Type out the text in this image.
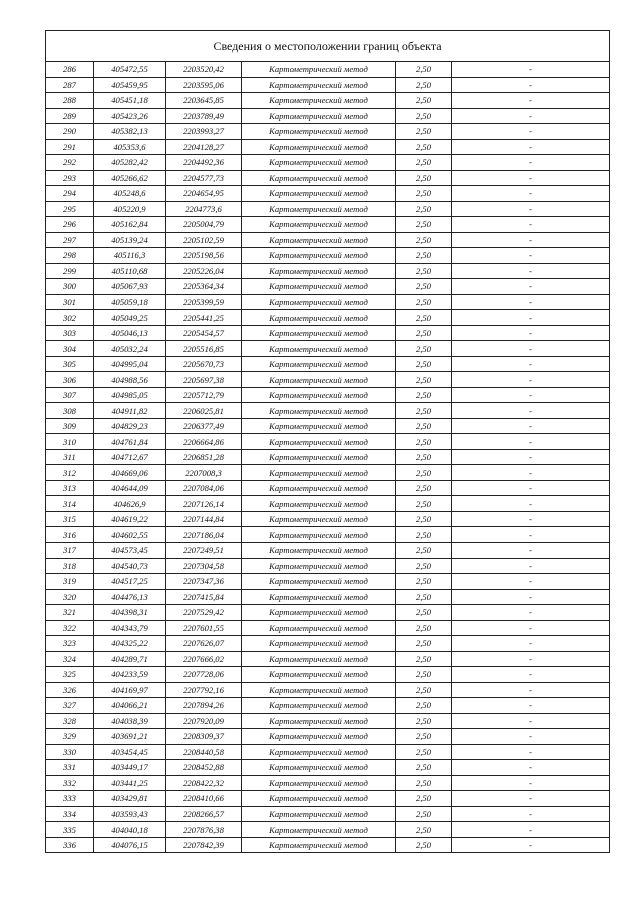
Сведения о местоположении границ объекта					
286	405472,55	2203520,42	Картометрический метод	2,50	-
287	405459,95	2203595,06	Картометрический метод	2,50	-
288	405451,18	2203645,85	Картометрический метод	2,50	-
289	405423,26	2203789,49	Картометрический метод	2,50	-
290	405382,13	2203993,27	Картометрический метод	2,50	-
291	405353,6	2204128,27	Картометрический метод	2,50	-
292	405282,42	2204492,36	Картометрический метод	2,50	-
293	405266,62	2204577,73	Картометрический метод	2,50	-
294	405248,6	2204654,95	Картометрический метод	2,50	-
295	405220,9	2204773,6	Картометрический метод	2,50	-
296	405162,84	2205004,79	Картометрический метод	2,50	-
297	405139,24	2205102,59	Картометрический метод	2,50	-
298	405116,3	2205198,56	Картометрический метод	2,50	-
299	405110,68	2205226,04	Картометрический метод	2,50	-
300	405067,93	2205364,34	Картометрический метод	2,50	-
301	405059,18	2205399,59	Картометрический метод	2,50	-
302	405049,25	2205441,25	Картометрический метод	2,50	-
303	405046,13	2205454,57	Картометрический метод	2,50	-
304	405032,24	2205516,85	Картометрический метод	2,50	-
305	404995,04	2205670,73	Картометрический метод	2,50	-
306	404988,56	2205697,38	Картометрический метод	2,50	-
307	404985,05	2205712,79	Картометрический метод	2,50	-
308	404911,82	2206025,81	Картометрический метод	2,50	-
309	404829,23	2206377,49	Картометрический метод	2,50	-
310	404761,84	2206664,86	Картометрический метод	2,50	-
311	404712,67	2206851,28	Картометрический метод	2,50	-
312	404669,06	2207008,3	Картометрический метод	2,50	-
313	404644,09	2207084,06	Картометрический метод	2,50	-
314	404626,9	2207126,14	Картометрический метод	2,50	-
315	404619,22	2207144,84	Картометрический метод	2,50	-
316	404602,55	2207186,04	Картометрический метод	2,50	-
317	404573,45	2207249,51	Картометрический метод	2,50	-
318	404540,73	2207304,58	Картометрический метод	2,50	-
319	404517,25	2207347,36	Картометрический метод	2,50	-
320	404476,13	2207415,84	Картометрический метод	2,50	-
321	404398,31	2207529,42	Картометрический метод	2,50	-
322	404343,79	2207601,55	Картометрический метод	2,50	-
323	404325,22	2207626,07	Картометрический метод	2,50	-
324	404289,71	2207666,02	Картометрический метод	2,50	-
325	404233,59	2207728,06	Картометрический метод	2,50	-
326	404169,97	2207792,16	Картометрический метод	2,50	-
327	404066,21	2207894,26	Картометрический метод	2,50	-
328	404038,39	2207920,09	Картометрический метод	2,50	-
329	403691,21	2208309,37	Картометрический метод	2,50	-
330	403454,45	2208440,58	Картометрический метод	2,50	-
331	403449,17	2208452,88	Картометрический метод	2,50	-
332	403441,25	2208422,32	Картометрический метод	2,50	-
333	403429,81	2208410,66	Картометрический метод	2,50	-
334	403593,43	2208266,57	Картометрический метод	2,50	-
335	404040,18	2207876,38	Картометрический метод	2,50	-
336	404076,15	2207842,39	Картометрический метод	2,50	-
